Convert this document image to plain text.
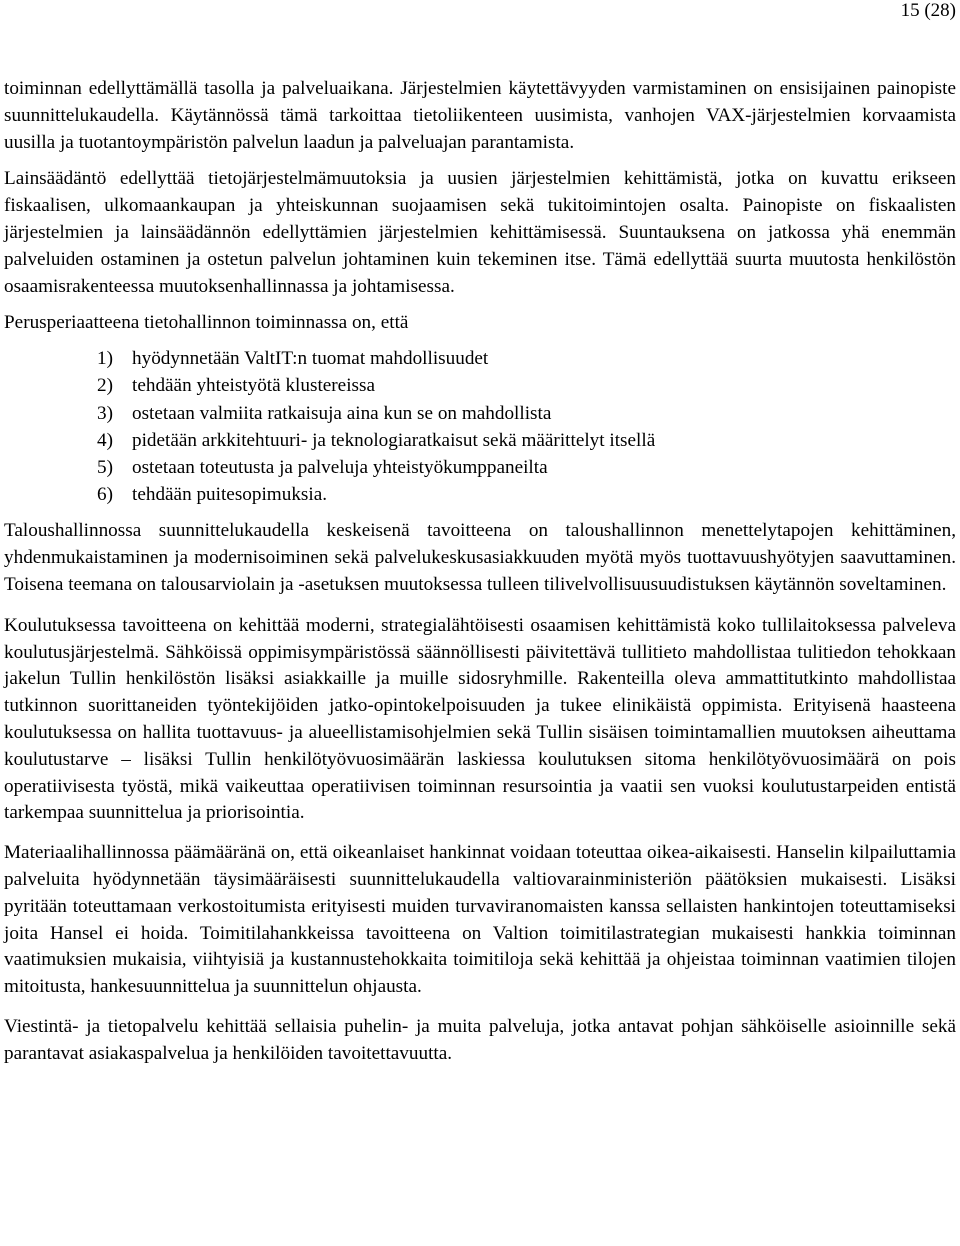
15 (28)

toiminnan edellyttämällä tasolla ja palveluaikana. Järjestelmien käytettävyyden varmistaminen on ensisijainen painopiste suunnittelukaudella. Käytännössä tämä tarkoittaa tietoliikenteen uusimista, vanhojen VAX-järjestelmien korvaamista uusilla ja tuotantoympäristön palvelun laadun ja palveluajan parantamista.

Lainsäädäntö edellyttää tietojärjestelmämuutoksia ja uusien järjestelmien kehittämistä, jotka on kuvattu erikseen fiskaalisen, ulkomaankaupan ja yhteiskunnan suojaamisen sekä tukitoimintojen osalta. Painopiste on fiskaalisten järjestelmien ja lainsäädännön edellyttämien järjestelmien kehittämisessä. Suuntauksena on jatkossa yhä enemmän palveluiden ostaminen ja ostetun palvelun johtaminen kuin tekeminen itse. Tämä edellyttää suurta muutosta henkilöstön osaamisrakenteessa muutoksenhallinnassa ja johtamisessa.

Perusperiaatteena tietohallinnon toiminnassa on, että

1) hyödynnetään ValtIT:n tuomat mahdollisuudet
2) tehdään yhteistyötä klustereissa
3) ostetaan valmiita ratkaisuja aina kun se on mahdollista
4) pidetään arkkitehtuuri- ja teknologiaratkaisut sekä määrittelyt itsellä
5) ostetaan toteutusta ja palveluja yhteistyökumppaneilta
6) tehdään puitesopimuksia.

Taloushallinnossa suunnittelukaudella keskeisenä tavoitteena on taloushallinnon menettelytapojen kehittäminen, yhdenmukaistaminen ja modernisoiminen sekä palvelukeskusasiakkuuden myötä myös tuottavuushyötyjen saavuttaminen. Toisena teemana on talousarviolain ja -asetuksen muutoksessa tulleen tilivelvollisuusuudistuksen käytännön soveltaminen.

Koulutuksessa tavoitteena on kehittää moderni, strategialähtöisesti osaamisen kehittämistä koko tullilaitoksessa palveleva koulutusjärjestelmä. Sähköissä oppimisympäristössä säännöllisesti päivitettävä tullitieto mahdollistaa tulitiedon tehokkaan jakelun Tullin henkilöstön lisäksi asiakkaille ja muille sidosryhmille. Rakenteilla oleva ammattitutkinto mahdollistaa tutkinnon suorittaneiden työntekijöiden jatko-opintokelpoisuuden ja tukee elinikäistä oppimista. Erityisenä haasteena koulutuksessa on hallita tuottavuus- ja alueellistamisohjelmien sekä Tullin sisäisen toimintamallien muutoksen aiheuttama koulutustarve – lisäksi Tullin henkilötyövuosimäärän laskiessa koulutuksen sitoma henkilötyövuosimäärä on pois operatiivisesta työstä, mikä vaikeuttaa operatiivisen toiminnan resursointia ja vaatii sen vuoksi koulutustarpeiden entistä tarkempaa suunnittelua ja priorisointia.

Materiaalihallinnossa päämääränä on, että oikeanlaiset hankinnat voidaan toteuttaa oikea-aikaisesti. Hanselin kilpailuttamia palveluita hyödynnetään täysimääräisesti suunnittelukaudella valtiovarainministeriön päätöksien mukaisesti. Lisäksi pyritään toteuttamaan verkostoitumista erityisesti muiden turvaviranomaisten kanssa sellaisten hankintojen toteuttamiseksi joita Hansel ei hoida. Toimitilahankkeissa tavoitteena on Valtion toimitilastrategian mukaisesti hankkia toiminnan vaatimuksien mukaisia, viihtyisiä ja kustannustehokkaita toimitiloja sekä kehittää ja ohjeistaa toiminnan vaatimien tilojen mitoitusta, hankesuunnittelua ja suunnittelun ohjausta.

Viestintä- ja tietopalvelu kehittää sellaisia puhelin- ja muita palveluja, jotka antavat pohjan sähköiselle asioinnille sekä parantavat asiakaspalvelua ja henkilöiden tavoitettavuutta.
